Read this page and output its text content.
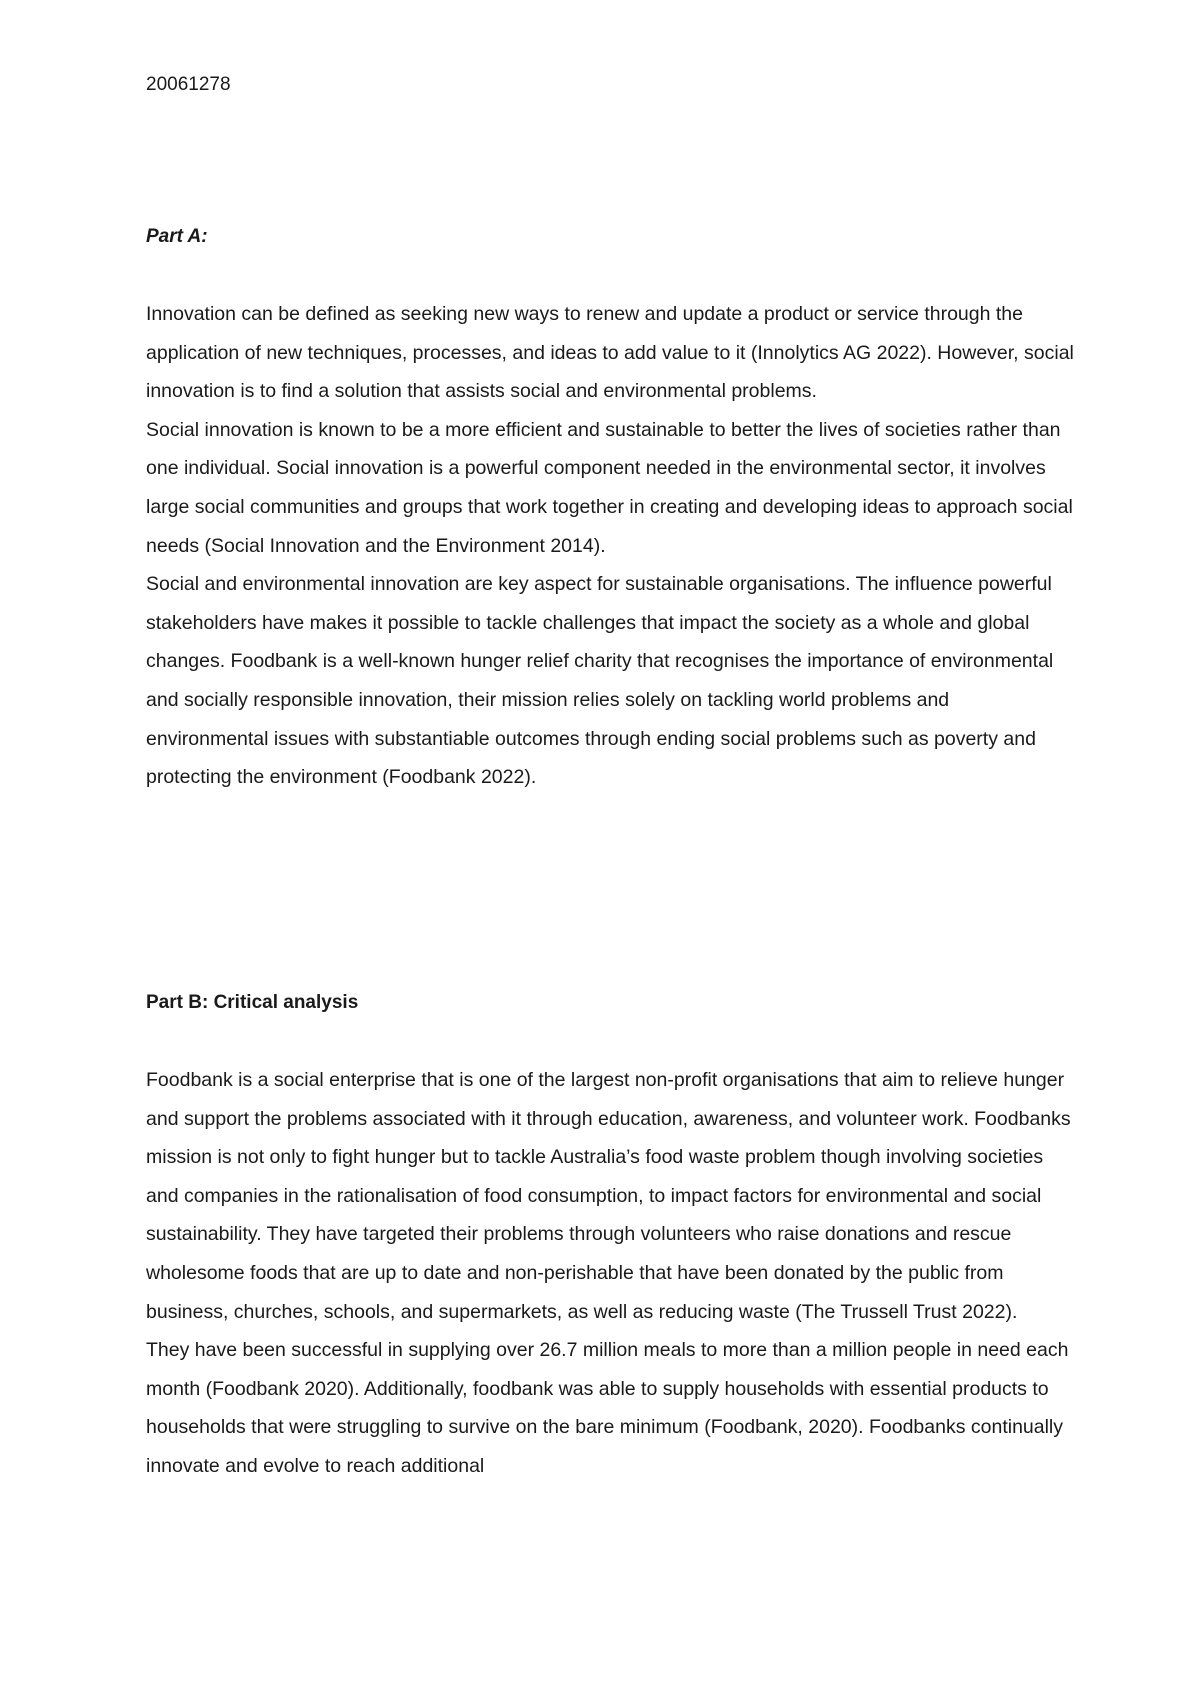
20061278

Part A:

Innovation can be defined as seeking new ways to renew and update a product or service through the application of new techniques, processes, and ideas to add value to it (Innolytics AG 2022). However, social innovation is to find a solution that assists social and environmental problems.

Social innovation is known to be a more efficient and sustainable to better the lives of societies rather than one individual. Social innovation is a powerful component needed in the environmental sector, it involves large social communities and groups that work together in creating and developing ideas to approach social needs (Social Innovation and the Environment 2014).

Social and environmental innovation are key aspect for sustainable organisations. The influence powerful stakeholders have makes it possible to tackle challenges that impact the society as a whole and global changes. Foodbank is a well-known hunger relief charity that recognises the importance of environmental and socially responsible innovation, their mission relies solely on tackling world problems and environmental issues with substantiable outcomes through ending social problems such as poverty and protecting the environment (Foodbank 2022).

Part B: Critical analysis

Foodbank is a social enterprise that is one of the largest non-profit organisations that aim to relieve hunger and support the problems associated with it through education, awareness, and volunteer work. Foodbanks mission is not only to fight hunger but to tackle Australia’s food waste problem though involving societies and companies in the rationalisation of food consumption, to impact factors for environmental and social sustainability. They have targeted their problems through volunteers who raise donations and rescue wholesome foods that are up to date and non-perishable that have been donated by the public from business, churches, schools, and supermarkets, as well as reducing waste (The Trussell Trust 2022).

They have been successful in supplying over 26.7 million meals to more than a million people in need each month (Foodbank 2020). Additionally, foodbank was able to supply households with essential products to households that were struggling to survive on the bare minimum (Foodbank, 2020). Foodbanks continually innovate and evolve to reach additional
